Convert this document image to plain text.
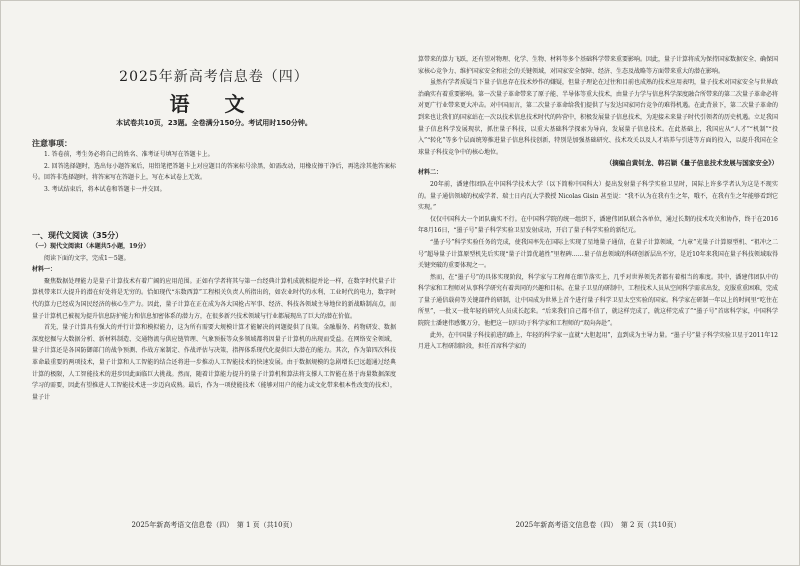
2025年新高考信息卷（四）
语 文
本试卷共10页，23题。全卷满分150分。考试用时150分钟。
注意事项：
1. 答卷前，考生务必将自己的姓名、准考证号填写在答题卡上。
2. 回答选择题时，选出每小题答案后，用铅笔把答题卡上对应题目的答案标号涂黑，如需改动，用橡皮擦干净后，再选涂其他答案标号。回答非选择题时，将答案写在答题卡上，写在本试卷上无效。
3. 考试结束后，将本试卷和答题卡一并交回。
一、现代文阅读（35分）
（一）现代文阅读Ⅰ（本题共5小题，19分）
阅读下面的文字，完成1～5题。
材料一：
聚焦数据处理能力是量子计算技术有着广阔的应用范围。正如有学者将其与第一台经典计算机成就相提并论一样，在数字时代量子计算机带来巨大提升的潜在好处将是无穷的。恰如现代“东数西算”工程相关负责人所指出的，如农业时代的水利、工业时代的电力，数字时代的算力已经成为国民经济的核心生产力。因此，量子计算在正在成为各大国抢占军事、经济、科技各领域主导地位的新战略制高点，而量子计算机已被视为提升信息防护能力和信息加密体系的潜力方，在很多新兴技术领域与行业都展现出了巨大的潜在价值。
首先，量子计算具有强大的并行计算和模拟能力，这为所有需要大规模计算才能解决的问题提供了良策。金融服务、药物研发、数据深度挖掘与大数据分析、新材料制造、交通物流与供应链管理、气象预报等众多领域都将因量子计算机的出现而受益。在网络安全领域，量子计算还是各国防御部门的战争预测、作战方案制定、作战评估与决策，指挥体系现代化提供巨大潜在的能力。其次，作为第四次科技革命最重要的两项技术，量子计算和人工智能的结合还将进一步推动人工智能技术的快速发展。由于数据规模的急剧增长已远超通过经典计算的极限，人工智能技术的进步因此面临巨大挑战。然而，随着计算能力提升的量子计算机和算法将支撑人工智能在基于海量数据深度学习的需要，因此有望推进人工智能技术进一步迈向成熟。最后，作为一项使能技术（能够对用户的能力或文化带来根本性改变的技术），量子计
2025年新高考语文信息卷（四）　第 1 页（共10页）
算带来的算力飞跃，还有望对物理、化学、生物、材料等多个基础科学带来重要影响。因此，量子计算将成为保持国家数据安全、确保国家核心竞争力、维护国家安全和社会的关键领域，对国家安全保障、经济、生态及战略等方面带来重大的潜在影响。
虽然有学者质疑当下量子信息存在技术炒作的嫌疑，但量子理论在过往和目前也成熟的技术应用表明，量子技术对国家安全与世界政治确实有着重要影响。第一次量子革命带来了原子能、半导体等重大技术，由量子力学与信息科学深度融合所带来的第二次量子革命必将对更广行业带来更大冲击。对中国而言，第二次量子革命给我们提供了与发达国家同台竞争的难得机遇。在此背景下，第二次量子革命的到来也让我们的国家站在一次以技术信息技术时代的阵营中，积极发展量子信息技术，为迎接未来量子时代引领者的历史机遇。立足我国量子信息科学发展现状，抓住量子科技，以重大基础科学探索为导向，发展量子信息技术。在此基础上，我国应从“人才”“机制”“投入”“转化”等多个层面统筹推进量子信息科技创新，特别是加强基础研究、技术攻关以及人才培养与引进等方面的投入，以提升我国在全球量子科技竞争中的核心地位。
（摘编自黄钊龙、韩召颖《量子信息技术发展与国家安全》）
材料二：
20年前，潘建伟团队在中国科学技术大学（以下简称中国科大）提出发射量子科学实验卫星时，国际上许多学者认为这是不现实的。量子通信领域的权威学者、瑞士日内瓦大学教授 Nicolas Gisin 甚至说：“我不认为在我有生之年，哦不，在我有生之年能够看到它实现。”
仅仅中国科大一个团队确实不行。在中国科学院的统一组织下，潘建伟团队联合各单位，通过长期的技术攻关和协作，终于在2016年8月16日，“墨子号”量子科学实验卫星发射成功，开启了量子科学实验的新纪元。
“墨子号”科学实验任务的完成，使我国率先在国际上实现了星地量子通信，在量子计算领域，“九章”光量子计算原型机、“祖冲之二号”超导量子计算原型机先后实现“量子计算优越性”里程碑……量子信息领域的科研创新层出不穷，是近10年来我国在量子科技领域取得关键突破的重要体现之一。
然而，在“墨子号”的具体实现阶段，科学家与工程师在细节落实上，几乎对世界领先者都有着相当的难度。其中，潘建伟团队中的科学家和工程师对从事科学研究有着共同的兴趣和目标。在量子卫星的研制中，工程技术人员从空间科学需求出发，克服重重困难，完成了量子通信载荷等关键部件的研制，让中国成为世界上首个进行量子科学卫星太空实验的国家。科学家在研制一年以上的时间里“吃住在所里”，一批又一批年轻的研究人员成长起来。“后来我们自己都不信了，就这样完成了，就这样完成了”“墨子号”首席科学家，中国科学院院士潘建伟感慨万分，他把这一切归功于科学家和工程师的“双向奔赴”。
此外，在中国量子科技前进的路上，年轻的科学家一直就“大胆起用”，直到成为主导力量。“墨子号”量子科学实验卫星于2011年12月进入工程研制阶段，担任首席科学家的
2025年新高考语文信息卷（四）　第 2 页（共10页）
